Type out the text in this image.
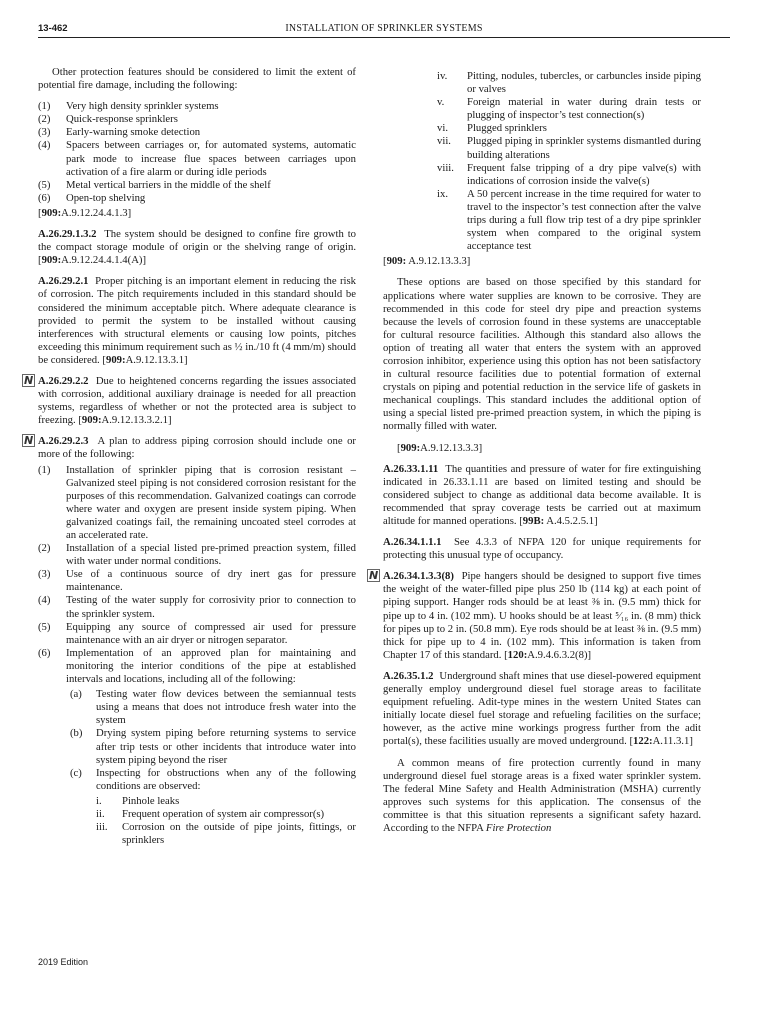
13-462	INSTALLATION OF SPRINKLER SYSTEMS

Other protection features should be considered to limit the extent of potential fire damage, including the following:

(1) Very high density sprinkler systems
(2) Quick-response sprinklers
(3) Early-warning smoke detection
(4) Spacers between carriages or, for automated systems, automatic park mode to increase flue spaces between carriages upon activation of a fire alarm or during idle periods
(5) Metal vertical barriers in the middle of the shelf
(6) Open-top shelving

[909:A.9.12.24.4.1.3]

A.26.29.1.3.2 The system should be designed to confine fire growth to the compact storage module of origin or the shelving range of origin. [909:A.9.12.24.4.1.4(A)]

A.26.29.2.1 Proper pitching is an important element in reducing the risk of corrosion. The pitch requirements included in this standard should be considered the minimum acceptable pitch. Where adequate clearance is provided to permit the system to be installed without causing interferences with structural elements or causing low points, pitches exceeding this minimum requirement such as ½ in./10 ft (4 mm/m) should be considered. [909:A.9.12.13.3.1]

N A.26.29.2.2 Due to heightened concerns regarding the issues associated with corrosion, additional auxiliary drainage is needed for all preaction systems, regardless of whether or not the protected area is subject to freezing. [909:A.9.12.13.3.2.1]

N A.26.29.2.3 A plan to address piping corrosion should include one or more of the following:

(1) Installation of sprinkler piping that is corrosion resistant – Galvanized steel piping is not considered corrosion resistant for the purposes of this recommendation. Galvanized coatings can corrode where water and oxygen are present inside system piping. When galvanized coatings fail, the remaining uncoated steel corrodes at an accelerated rate.
(2) Installation of a special listed pre-primed preaction system, filled with water under normal conditions.
(3) Use of a continuous source of dry inert gas for pressure maintenance.
(4) Testing of the water supply for corrosivity prior to connection to the sprinkler system.
(5) Equipping any source of compressed air used for pressure maintenance with an air dryer or nitrogen separator.
(6) Implementation of an approved plan for maintaining and monitoring the interior conditions of the pipe at established intervals and locations, including all of the following:
(a) Testing water flow devices between the semiannual tests using a means that does not introduce fresh water into the system
(b) Drying system piping before returning systems to service after trip tests or other incidents that introduce water into system piping beyond the riser
(c) Inspecting for obstructions when any of the following conditions are observed:
i. Pinhole leaks
ii. Frequent operation of system air compressor(s)
iii. Corrosion on the outside of pipe joints, fittings, or sprinklers
iv. Pitting, nodules, tubercles, or carbuncles inside piping or valves
v. Foreign material in water during drain tests or plugging of inspector’s test connection(s)
vi. Plugged sprinklers
vii. Plugged piping in sprinkler systems dismantled during building alterations
viii. Frequent false tripping of a dry pipe valve(s) with indications of corrosion inside the valve(s)
ix. A 50 percent increase in the time required for water to travel to the inspector’s test connection after the valve trips during a full flow trip test of a dry pipe sprinkler system when compared to the original system acceptance test

[909: A.9.12.13.3.3]

These options are based on those specified by this standard for applications where water supplies are known to be corrosive. They are recommended in this code for steel dry pipe and preaction systems because the levels of corrosion found in these systems are unacceptable for cultural resource facilities. Although this standard also allows the option of treating all water that enters the system with an approved corrosion inhibitor, experience using this option has not been satisfactory in cultural resource facilities due to potential formation of external crystals on piping and potential reduction in the service life of gaskets in mechanical couplings. This standard includes the additional option of using a special listed pre-primed preaction system, in which the piping is normally filled with water.

[909:A.9.12.13.3.3]

A.26.33.1.11 The quantities and pressure of water for fire extinguishing indicated in 26.33.1.11 are based on limited testing and should be considered subject to change as additional data become available. It is recommended that spray coverage tests be carried out at maximum altitude for manned operations. [99B: A.4.5.2.5.1]

A.26.34.1.1.1 See 4.3.3 of NFPA 120 for unique requirements for protecting this unusual type of occupancy.

N A.26.34.1.3.3(8) Pipe hangers should be designed to support five times the weight of the water-filled pipe plus 250 lb (114 kg) at each point of piping support. Hanger rods should be at least ⅜ in. (9.5 mm) thick for pipe up to 4 in. (102 mm). U hooks should be at least ⁵⁄₁₆ in. (8 mm) thick for pipes up to 2 in. (50.8 mm). Eye rods should be at least ⅜ in. (9.5 mm) thick for pipe up to 4 in. (102 mm). This information is taken from Chapter 17 of this standard. [120:A.9.4.6.3.2(8)]

A.26.35.1.2 Underground shaft mines that use diesel-powered equipment generally employ underground diesel fuel storage areas to facilitate equipment refueling. Adit-type mines in the western United States can initially locate diesel fuel storage and refueling facilities on the surface; however, as the active mine workings progress further from the adit portal(s), these facilities usually are moved underground. [122:A.11.3.1]

A common means of fire protection currently found in many underground diesel fuel storage areas is a fixed water sprinkler system. The federal Mine Safety and Health Administration (MSHA) currently approves such systems for this application. The consensus of the committee is that this situation represents a significant safety hazard. According to the NFPA Fire Protection

2019 Edition
